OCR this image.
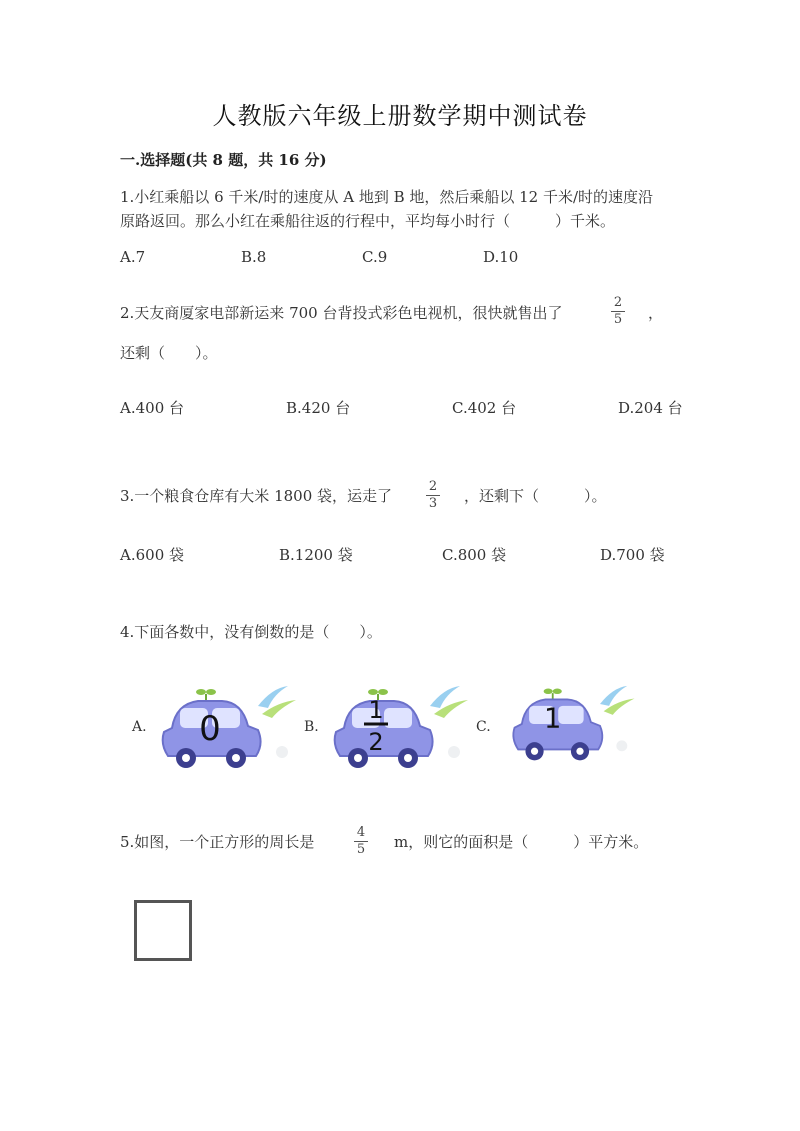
人教版六年级上册数学期中测试卷
一.选择题(共 8 题，共 16 分)
1.小红乘船以 6 千米/时的速度从 A 地到 B 地，然后乘船以 12 千米/时的速度沿
原路返回。那么小红在乘船往返的行程中，平均每小时行（　　　）千米。
A.7	B.8	C.9	D.10
2.天友商厦家电部新运来 700 台背投式彩色电视机，很快就售出了
2
5	，
还剩（　　）。
A.400 台	B.420 台	C.402 台	D.204 台
3.一个粮食仓库有大米 1800 袋，运走了
2
3	，还剩下（　　　）。
A.600 袋	B.1200 袋	C.800 袋	D.700 袋
4.下面各数中，没有倒数的是（　　）。
A.	B.	C.
0	1
2
1
5.如图，一个正方形的周长是
4
5	m，则它的面积是（　　　）平方米。
